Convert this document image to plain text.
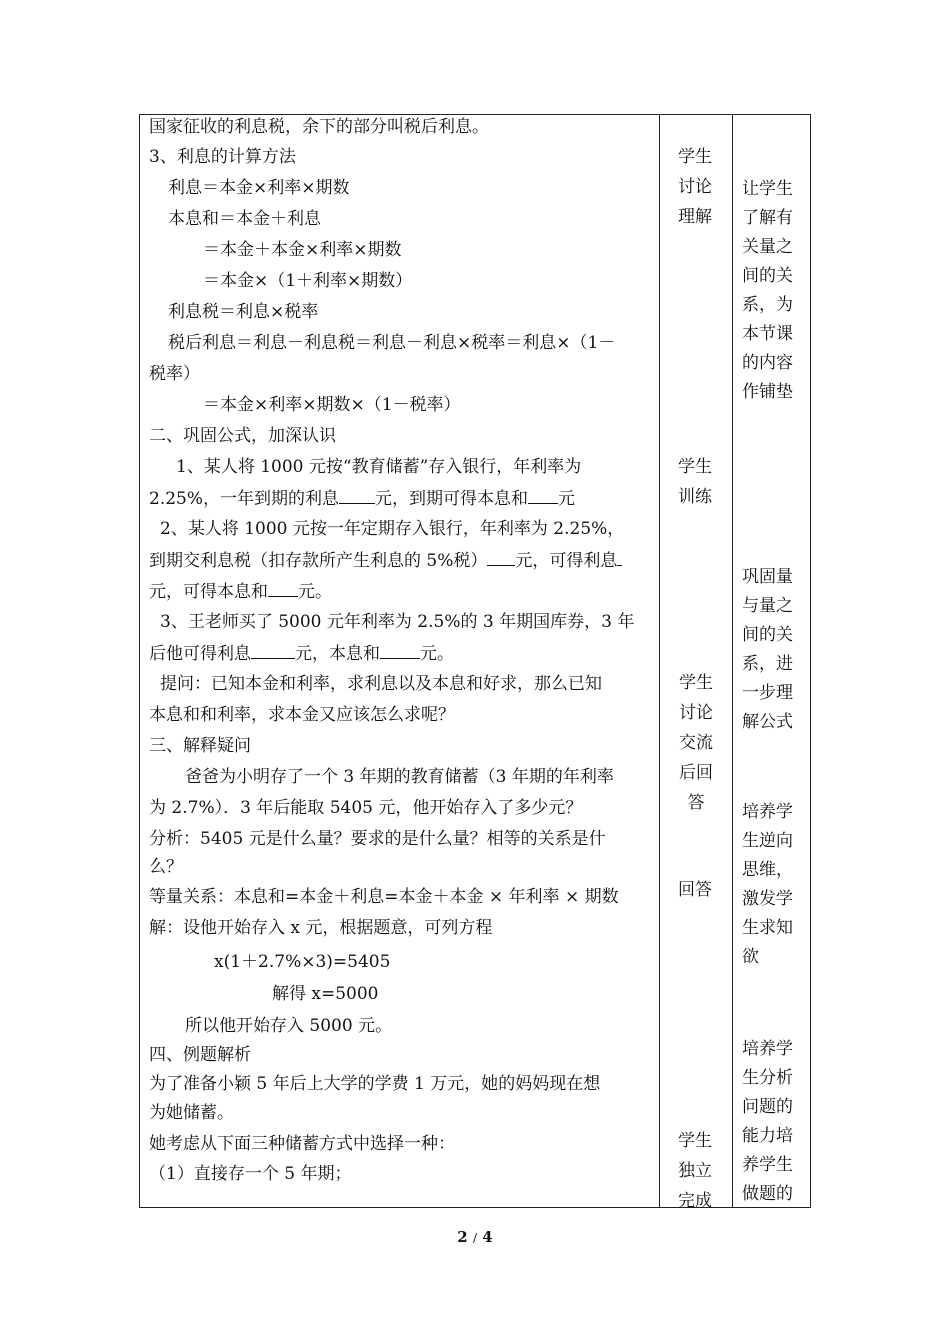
国家征收的利息税，余下的部分叫税后利息。
3、利息的计算方法
利息＝本金×利率×期数
本息和＝本金＋利息
＝本金＋本金×利率×期数
＝本金×（1＋利率×期数）
利息税＝利息×税率
税后利息＝利息－利息税＝利息－利息×税率＝利息×（1－
税率）
＝本金×利率×期数×（1－税率）
二、巩固公式，加深认识
1、某人将 1000 元按“教育储蓄”存入银行，年利率为
2.25%，一年到期的利息 元，到期可得本息和 元
2、某人将 1000 元按一年定期存入银行，年利率为 2.25%，
到期交利息税（扣存款所产生利息的 5%税） 元，可得利息
元，可得本息和 元。
3、王老师买了 5000 元年利率为 2.5%的 3 年期国库券，3 年
后他可得利息	元，本息和 元。
提问：已知本金和利率，求利息以及本息和好求，那么已知
本息和和利率，求本金又应该怎么求呢？
三、解释疑问
爸爸为小明存了一个 3 年期的教育储蓄（3 年期的年利率
为 2.7%）．3 年后能取 5405 元，他开始存入了多少元？
分析：5405 元是什么量？要求的是什么量？相等的关系是什
么？
等量关系：本息和=本金＋利息=本金＋本金 × 年利率 × 期数
解：设他开始存入 x 元，根据题意，可列方程
x(1＋2.7%×3)=5405
解得 x=5000
所以他开始存入 5000 元。
四、例题解析
为了准备小颖 5 年后上大学的学费 1 万元，她的妈妈现在想
为她储蓄。
她考虑从下面三种储蓄方式中选择一种：
（1）直接存一个 5 年期；
学生
讨论
理解
学生
训练
学生
讨论
交流
后回
答
回答
学生
独立
完成
让学生
了解有
关量之
间的关
系，为
本节课
的内容
作铺垫
巩固量
与量之
间的关
系，进
一步理
解公式
培养学
生逆向
思维，
激发学
生求知
欲
培养学
生分析
问题的
能力培
养学生
做题的
2 / 4
